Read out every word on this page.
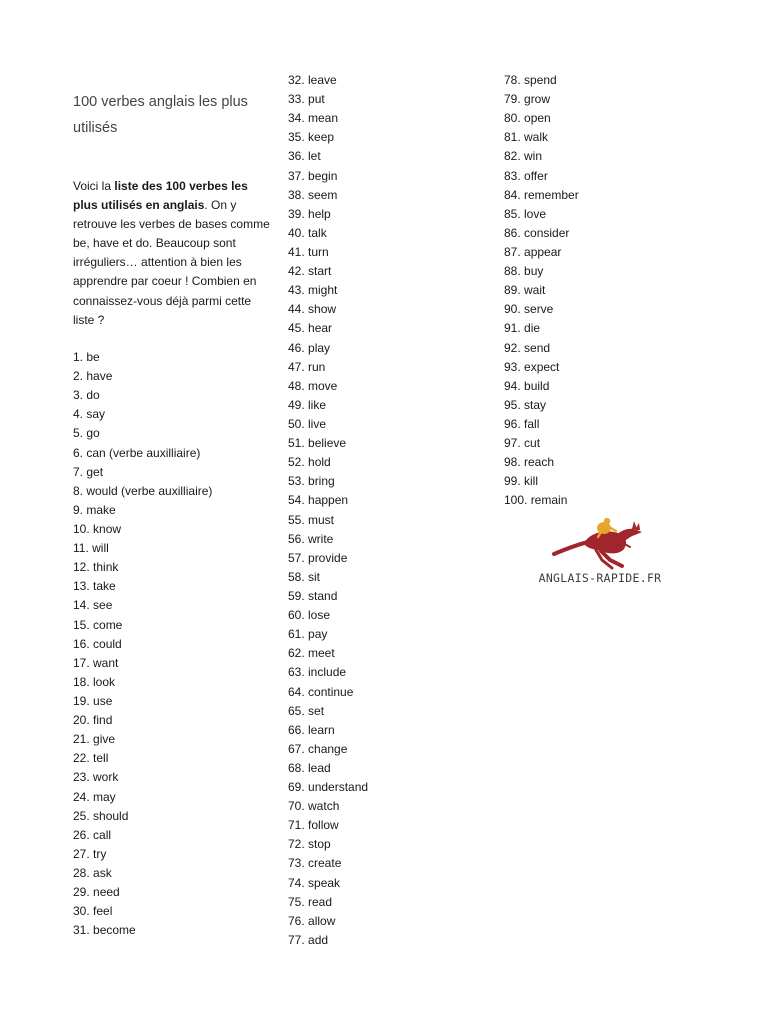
100 verbes anglais les plus utilisés

Voici la liste des 100 verbes les plus utilisés en anglais. On y retrouve les verbes de bases comme be, have et do. Beaucoup sont irréguliers… attention à bien les apprendre par coeur ! Combien en connaissez-vous déjà parmi cette liste ?

1. be
2. have
3. do
4. say
5. go
6. can (verbe auxilliaire)
7. get
8. would (verbe auxilliaire)
9. make
10. know
11. will
12. think
13. take
14. see
15. come
16. could
17. want
18. look
19. use
20. find
21. give
22. tell
23. work
24. may
25. should
26. call
27. try
28. ask
29. need
30. feel
31. become
32. leave
33. put
34. mean
35. keep
36. let
37. begin
38. seem
39. help
40. talk
41. turn
42. start
43. might
44. show
45. hear
46. play
47. run
48. move
49. like
50. live
51. believe
52. hold
53. bring
54. happen
55. must
56. write
57. provide
58. sit
59. stand
60. lose
61. pay
62. meet
63. include
64. continue
65. set
66. learn
67. change
68. lead
69. understand
70. watch
71. follow
72. stop
73. create
74. speak
75. read
76. allow
77. add
78. spend
79. grow
80. open
81. walk
82. win
83. offer
84. remember
85. love
86. consider
87. appear
88. buy
89. wait
90. serve
91. die
92. send
93. expect
94. build
95. stay
96. fall
97. cut
98. reach
99. kill
100. remain
ANGLAIS-RAPIDE.FR
